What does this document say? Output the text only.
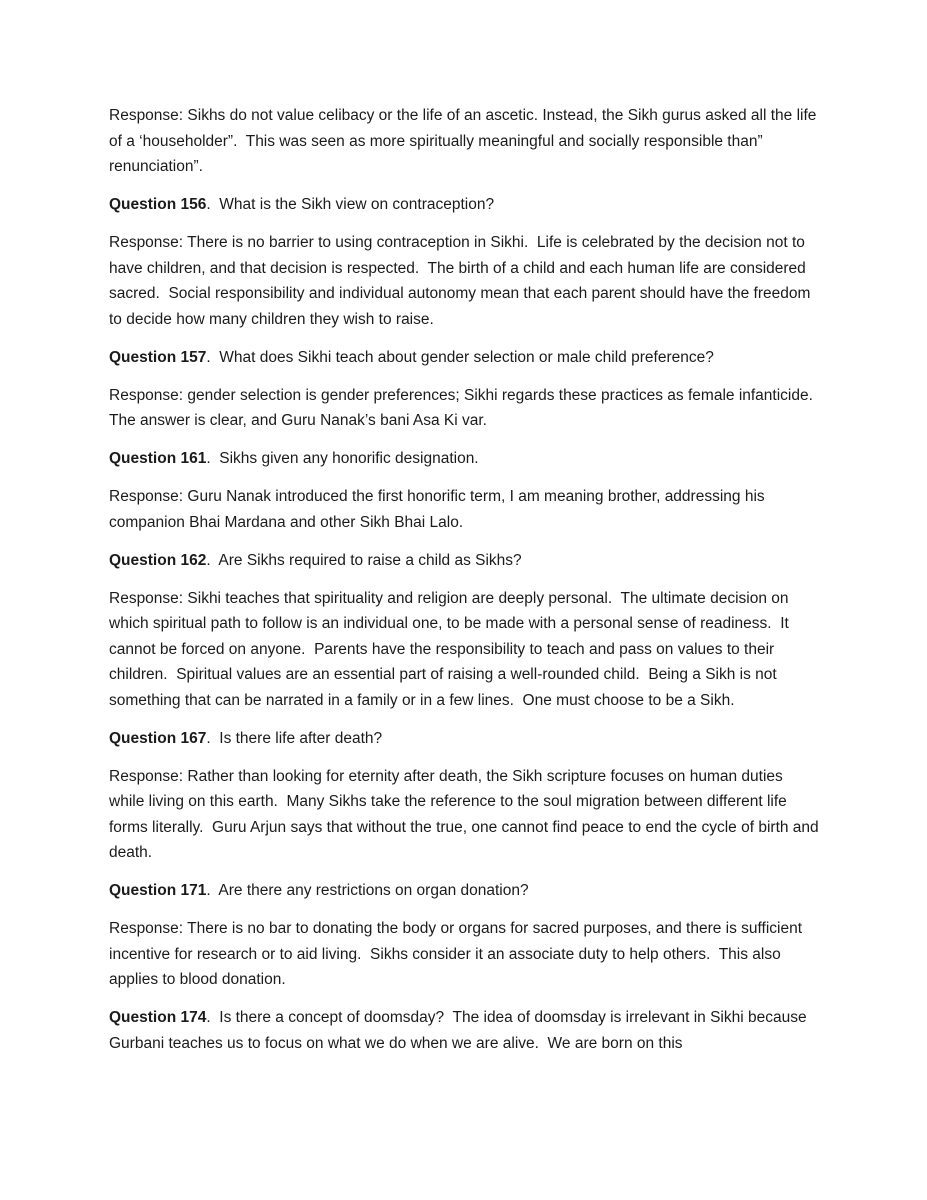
Response: Sikhs do not value celibacy or the life of an ascetic. Instead, the Sikh gurus asked all the life of a ‘householder”.  This was seen as more spiritually meaningful and socially responsible than” renunciation”.

Question 156.  What is the Sikh view on contraception?

Response: There is no barrier to using contraception in Sikhi.  Life is celebrated by the decision not to have children, and that decision is respected.  The birth of a child and each human life are considered sacred.  Social responsibility and individual autonomy mean that each parent should have the freedom to decide how many children they wish to raise.

Question 157.  What does Sikhi teach about gender selection or male child preference?

Response: gender selection is gender preferences; Sikhi regards these practices as female infanticide.  The answer is clear, and Guru Nanak’s bani Asa Ki var.

Question 161.  Sikhs given any honorific designation.

Response: Guru Nanak introduced the first honorific term, I am meaning brother, addressing his companion Bhai Mardana and other Sikh Bhai Lalo.

Question 162.  Are Sikhs required to raise a child as Sikhs?

Response: Sikhi teaches that spirituality and religion are deeply personal.  The ultimate decision on which spiritual path to follow is an individual one, to be made with a personal sense of readiness.  It cannot be forced on anyone.  Parents have the responsibility to teach and pass on values to their children.  Spiritual values are an essential part of raising a well-rounded child.  Being a Sikh is not something that can be narrated in a family or in a few lines.  One must choose to be a Sikh.

Question 167.  Is there life after death?

Response: Rather than looking for eternity after death, the Sikh scripture focuses on human duties while living on this earth.  Many Sikhs take the reference to the soul migration between different life forms literally.  Guru Arjun says that without the true, one cannot find peace to end the cycle of birth and death.

Question 171.  Are there any restrictions on organ donation?

Response: There is no bar to donating the body or organs for sacred purposes, and there is sufficient incentive for research or to aid living.  Sikhs consider it an associate duty to help others.  This also applies to blood donation.

Question 174.  Is there a concept of doomsday?  The idea of doomsday is irrelevant in Sikhi because Gurbani teaches us to focus on what we do when we are alive.  We are born on this
